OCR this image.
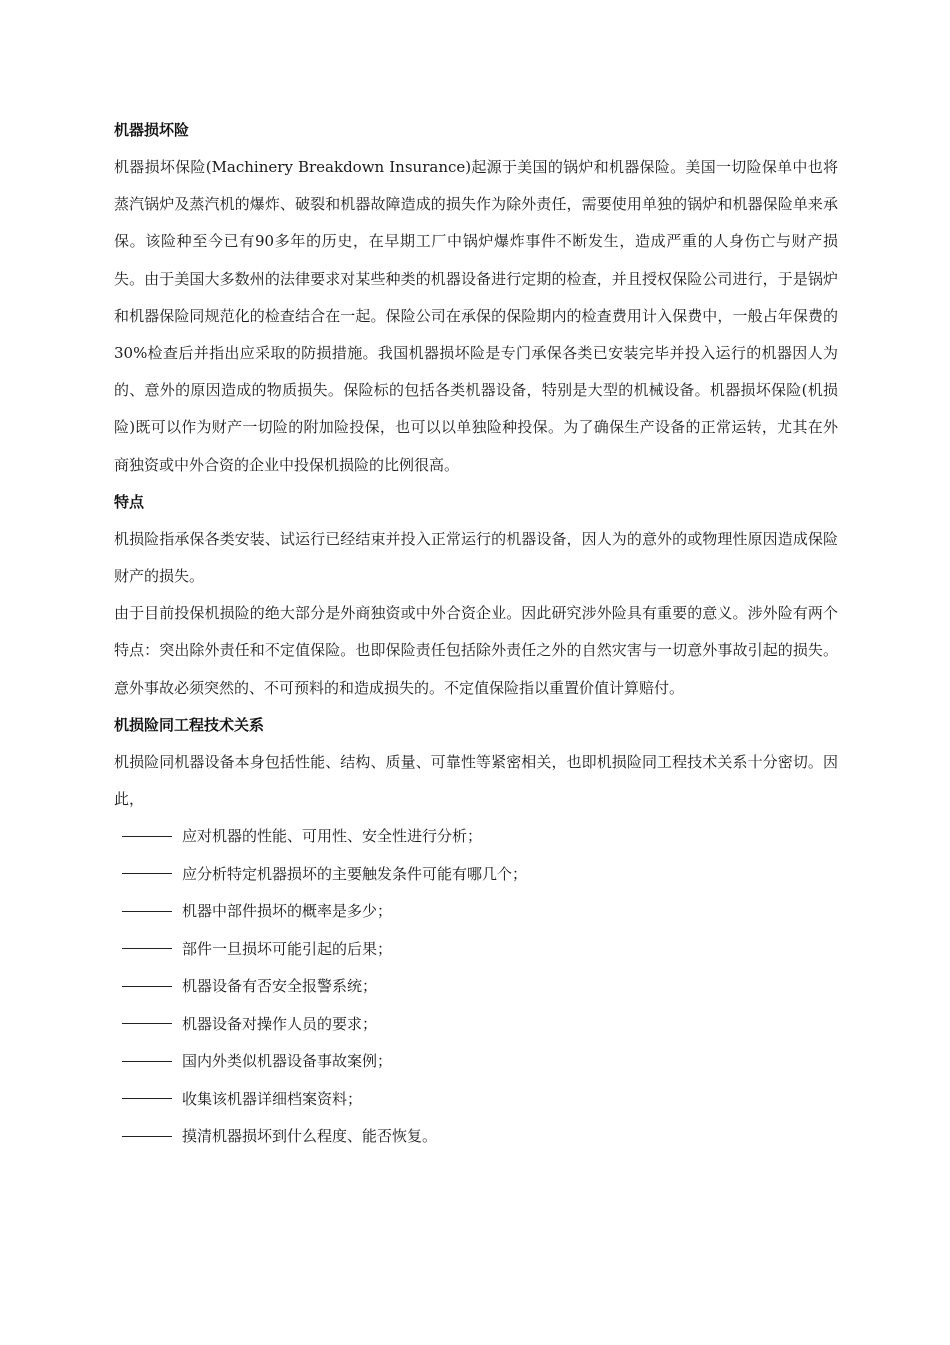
机器损坏险

机器损坏保险(Machinery Breakdown Insurance)起源于美国的锅炉和机器保险。美国一切险保单中也将蒸汽锅炉及蒸汽机的爆炸、破裂和机器故障造成的损失作为除外责任，需要使用单独的锅炉和机器保险单来承保。该险种至今已有90多年的历史，在早期工厂中锅炉爆炸事件不断发生，造成严重的人身伤亡与财产损失。由于美国大多数州的法律要求对某些种类的机器设备进行定期的检查，并且授权保险公司进行，于是锅炉和机器保险同规范化的检查结合在一起。保险公司在承保的保险期内的检查费用计入保费中，一般占年保费的30%检查后并指出应采取的防损措施。我国机器损坏险是专门承保各类已安装完毕并投入运行的机器因人为的、意外的原因造成的物质损失。保险标的包括各类机器设备，特别是大型的机械设备。机器损坏保险(机损险)既可以作为财产一切险的附加险投保，也可以以单独险种投保。为了确保生产设备的正常运转，尤其在外商独资或中外合资的企业中投保机损险的比例很高。

特点

机损险指承保各类安装、试运行已经结束并投入正常运行的机器设备，因人为的意外的或物理性原因造成保险财产的损失。

由于目前投保机损险的绝大部分是外商独资或中外合资企业。因此研究涉外险具有重要的意义。涉外险有两个特点：突出除外责任和不定值保险。也即保险责任包括除外责任之外的自然灾害与一切意外事故引起的损失。意外事故必须突然的、不可预料的和造成损失的。不定值保险指以重置价值计算赔付。

机损险同工程技术关系

机损险同机器设备本身包括性能、结构、质量、可靠性等紧密相关，也即机损险同工程技术关系十分密切。因此，

应对机器的性能、可用性、安全性进行分析；
应分析特定机器损坏的主要触发条件可能有哪几个；
机器中部件损坏的概率是多少；
部件一旦损坏可能引起的后果；
机器设备有否安全报警系统；
机器设备对操作人员的要求；
国内外类似机器设备事故案例；
收集该机器详细档案资料；
摸清机器损坏到什么程度、能否恢复。
